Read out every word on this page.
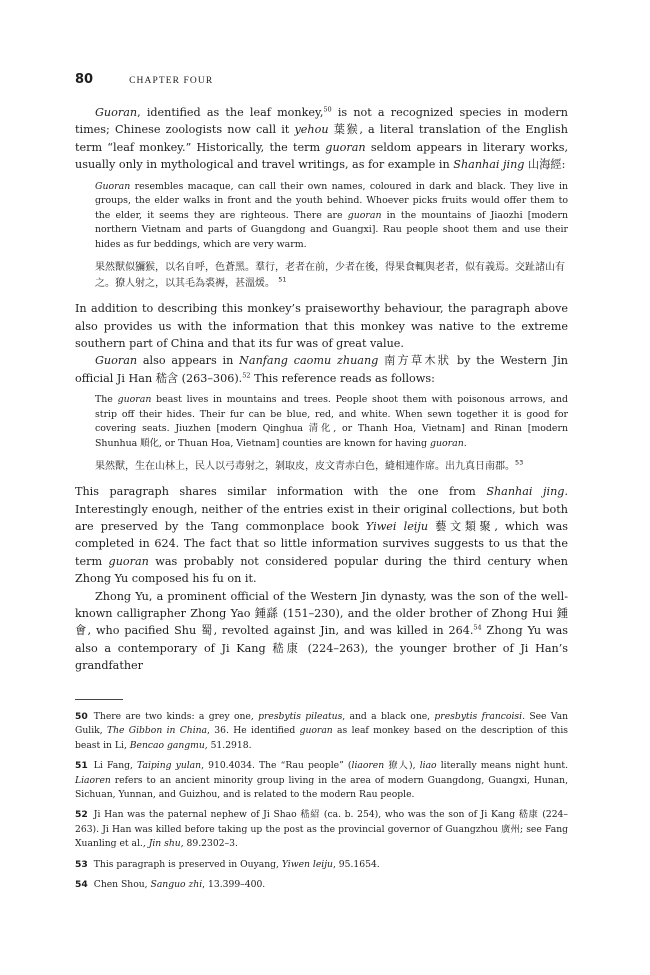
80	CHAPTER FOUR

Guoran, identified as the leaf monkey,$^{50}$ is not a recognized species in modern times; Chinese zoologists now call it yehou 葉猴, a literal translation of the English term “leaf monkey.” Historically, the term guoran seldom appears in literary works, usually only in mythological and travel writings, as for example in Shanhai jing 山海經:

Guoran resembles macaque, can call their own names, coloured in dark and black. They live in groups, the elder walks in front and the youth behind. Whoever picks fruits would offer them to the elder, it seems they are righteous. There are guoran in the mountains of Jiaozhi [modern northern Vietnam and parts of Guangdong and Guangxi]. Rau people shoot them and use their hides as fur beddings, which are very warm.

果然獸似獼猴，以名自呼，色蒼黑。羣行，老者在前，少者在後，得果食輒與老者，似有義焉。交趾諸山有之。獠人射之，以其毛為裘褥，甚溫煖。 $^{51}$

In addition to describing this monkey’s praiseworthy behaviour, the paragraph above also provides us with the information that this monkey was native to the extreme southern part of China and that its fur was of great value.

Guoran also appears in Nanfang caomu zhuang 南方草木狀 by the Western Jin official Ji Han 嵇含 (263–306).$^{52}$ This reference reads as follows:

The guoran beast lives in mountains and trees. People shoot them with poisonous arrows, and strip off their hides. Their fur can be blue, red, and white. When sewn together it is good for covering seats. Jiuzhen [modern Qinghua 清化, or Thanh Hoa, Vietnam] and Rinan [modern Shunhua 順化, or Thuan Hoa, Vietnam] counties are known for having guoran.

果然獸，生在山林上，民人以弓毒射之，剝取皮，皮文青赤白色，縫相連作席。出九真日南郡。$^{53}$

This paragraph shares similar information with the one from Shanhai jing. Interestingly enough, neither of the entries exist in their original collections, but both are preserved by the Tang commonplace book Yiwei leiju 藝文類聚, which was completed in 624. The fact that so little information survives suggests to us that the term guoran was probably not considered popular during the third century when Zhong Yu composed his fu on it.

Zhong Yu, a prominent official of the Western Jin dynasty, was the son of the well-known calligrapher Zhong Yao 鍾繇 (151–230), and the older brother of Zhong Hui 鍾會, who pacified Shu 蜀, revolted against Jin, and was killed in 264.54 Zhong Yu was also a contemporary of Ji Kang 嵇康 (224–263), the younger brother of Ji Han’s grandfather

50 There are two kinds: a grey one, presbytis pileatus, and a black one, presbytis francoisi. See Van Gulik, The Gibbon in China, 36. He identified guoran as leaf monkey based on the description of this beast in Li, Bencao gangmu, 51.2918.

51 Li Fang, Taiping yulan, 910.4034. The “Rau people” (liaoren 獠人), liao literally means night hunt. Liaoren refers to an ancient minority group living in the area of modern Guangdong, Guangxi, Hunan, Sichuan, Yunnan, and Guizhou, and is related to the modern Rau people.

52 Ji Han was the paternal nephew of Ji Shao 嵇紹 (ca. b. 254), who was the son of Ji Kang 嵇康 (224–263). Ji Han was killed before taking up the post as the provincial governor of Guangzhou 廣州; see Fang Xuanling et al., Jin shu, 89.2302–3.

53 This paragraph is preserved in Ouyang, Yiwen leiju, 95.1654.

54 Chen Shou, Sanguo zhi, 13.399–400.
